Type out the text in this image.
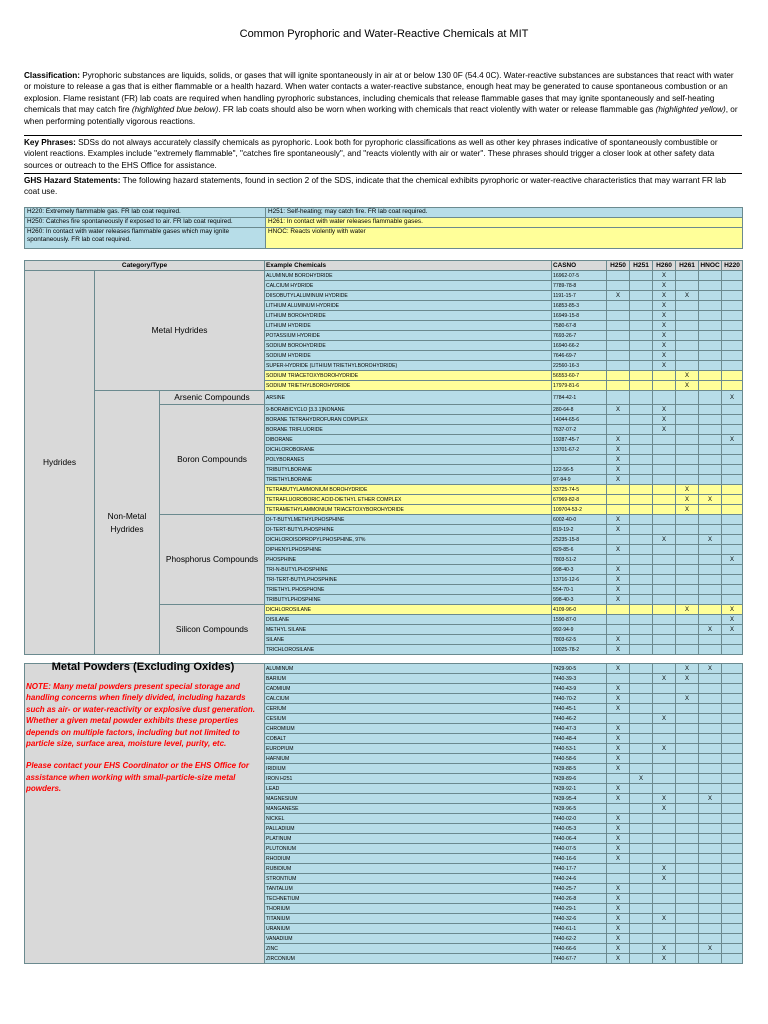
Common Pyrophoric and Water-Reactive Chemicals at MIT
Classification: Pyrophoric substances are liquids, solids, or gases that will ignite spontaneously in air at or below 130 0F (54.4 0C). Water-reactive substances are substances that react with water or moisture to release a gas that is either flammable or a health hazard. When water contacts a water-reactive substance, enough heat may be generated to cause spontaneous combustion or an explosion. Flame resistant (FR) lab coats are required when handling pyrophoric substances, including chemicals that release flammable gases that may ignite spontaneously and self-heating chemicals that may catch fire (highlighted blue below). FR lab coats should also be worn when working with chemicals that react violently with water or release flammable gas (highlighted yellow), or when performing potentially vigorous reactions.
Key Phrases: SDSs do not always accurately classify chemicals as pyrophoric. Look both for pyrophoric classifications as well as other key phrases indicative of spontaneously combustible or violent reactions. Examples include "extremely flammable", "catches fire spontaneously", and "reacts violently with air or water". These phrases should trigger a closer look at other safety data sources or outreach to the EHS Office for assistance.
GHS Hazard Statements: The following hazard statements, found in section 2 of the SDS, indicate that the chemical exhibits pyrophoric or water-reactive characteristics that may warrant FR lab coat use.
H220: Extremely flammable gas. FR lab coat required.	H251: Self-heating; may catch fire. FR lab coat required.
H250: Catches fire spontaneously if exposed to air. FR lab coat required.	H261: In contact with water releases flammable gases.
H260: In contact with water releases flammable gases which may ignite spontaneously. FR lab coat required.	HNOC: Reacts violently with water
Category/Type			Example Chemicals	CASNO	H250	H251	H260	H261	HNOC	H220
Hydrides	Metal Hydrides		ALUMINUM BOROHYDRIDE	16962-07-5			X			
			CALCIUM HYDRIDE	7789-78-8			X			
			DIISOBUTYLALUMINUM HYDRIDE	1191-15-7	X		X	X		
			LITHIUM ALUMINUM HYDRIDE	16853-85-3			X			
			LITHIUM BOROHYDRIDE	16949-15-8			X			
			LITHIUM HYDRIDE	7580-67-8			X			
			POTASSIUM HYDRIDE	7693-26-7			X			
			SODIUM BOROHYDRIDE	16940-66-2			X			
			SODIUM HYDRIDE	7646-69-7			X			
			SUPER-HYDRIDE (LITHIUM TRIETHYLBOROHYDRIDE)	22560-16-3			X			
			SODIUM TRIACETOXYBOROHYDRIDE	56553-60-7				X		
			SODIUM TRIETHYLBOROHYDRIDE	17979-81-6				X		
	Non-Metal Hydrides	Arsenic Compounds	ARSINE	7784-42-1						X
		Boron Compounds	9-BORABICYCLO [3.3.1]NONANE	280-64-8	X		X			
			BORANE TETRAHYDROFURAN COMPLEX	14044-65-6			X			
			BORANE TRIFLUORIDE	7637-07-2			X			
			DIBORANE	19287-45-7	X					X
			DICHLOROBORANE	13701-67-2	X					
			POLYBORANES		X					
			TRIBUTYLBORANE	122-56-5	X					
			TRIETHYLBORANE	97-94-9	X					
			TETRABUTYLAMMONIUM BOROHYDRIDE	33725-74-5				X		
			TETRAFLUOROBORIC ACID-DIETHYL ETHER COMPLEX	67969-82-8				X	X	
			TETRAMETHYLAMMONIUM TRIACETOXYBOROHYDRIDE	109704-53-2				X		
		Phosphorus Compounds	DI-T-BUTYLMETHYLPHOSPHINE	6002-40-0	X					
			DI-TERT-BUTYLPHOSPHINE	819-19-2	X					
			DICHLOROISOPROPYLPHOSPHINE, 97%	25235-15-8			X		X	
			DIPHENYLPHOSPHINE	829-85-6	X					
			PHOSPHINE	7803-51-2						X
			TRI-N-BUTYLPHOSPHINE	998-40-3	X					
			TRI-TERT-BUTYLPHOSPHINE	13716-12-6	X					
			TRIETHYL PHOSPHONE	554-70-1	X					
			TRIBUTYLPHOSPHINE	998-40-3	X					
		Silicon Compounds	DICHLOROSILANE	4109-96-0				X		X
			DISILANE	1590-87-0						X
			METHYL SILANE	992-94-9					X	X
			SILANE	7803-62-5	X					
			TRICHLOROSILANE	10025-78-2	X					

			ALUMINUM	7429-90-5	X			X	X	
			BARIUM	7440-39-3			X	X		
			CADMIUM	7440-43-9	X					
			CALCIUM	7440-70-2	X			X		
			CERIUM	7440-45-1	X					
			CESIUM	7440-46-2			X			
			CHROMIUM	7440-47-3	X					
			COBALT	7440-48-4	X					
			EUROPIUM	7440-53-1	X		X			
			HAFNIUM	7440-58-6	X					
			IRIDIUM	7439-88-5	X					
			IRON H251	7439-89-6		X				
			LEAD	7439-92-1	X					
			MAGNESIUM	7439-95-4	X		X		X	
			MANGANESE	7439-96-5			X			
			NICKEL	7440-02-0	X					
			PALLADIUM	7440-05-3	X					
			PLATINUM	7440-06-4	X					
			PLUTONIUM	7440-07-5	X					
			RHODIUM	7440-16-6	X					
			RUBIDIUM	7440-17-7			X			
			STRONTIUM	7440-24-6			X			
			TANTALUM	7440-25-7	X					
			TECHNETIUM	7440-26-8	X					
			THORIUM	7440-29-1	X					
			TITANIUM	7440-32-6	X		X			
			URANIUM	7440-61-1	X					
			VANADIUM	7440-62-2	X					
			ZINC	7440-66-6	X		X		X	
			ZIRCONIUM	7440-67-7	X		X			
Metal Powders (Excluding Oxides)

NOTE: Many metal powders present special storage and handling concerns when finely divided, including hazards such as air- or water-reactivity or explosive dust generation. Whether a given metal powder exhibits these properties depends on multiple factors, including but not limited to particle size, surface area, moisture level, purity, etc.

Please contact your EHS Coordinator or the EHS Office for assistance when working with small-particle-size metal powders.
